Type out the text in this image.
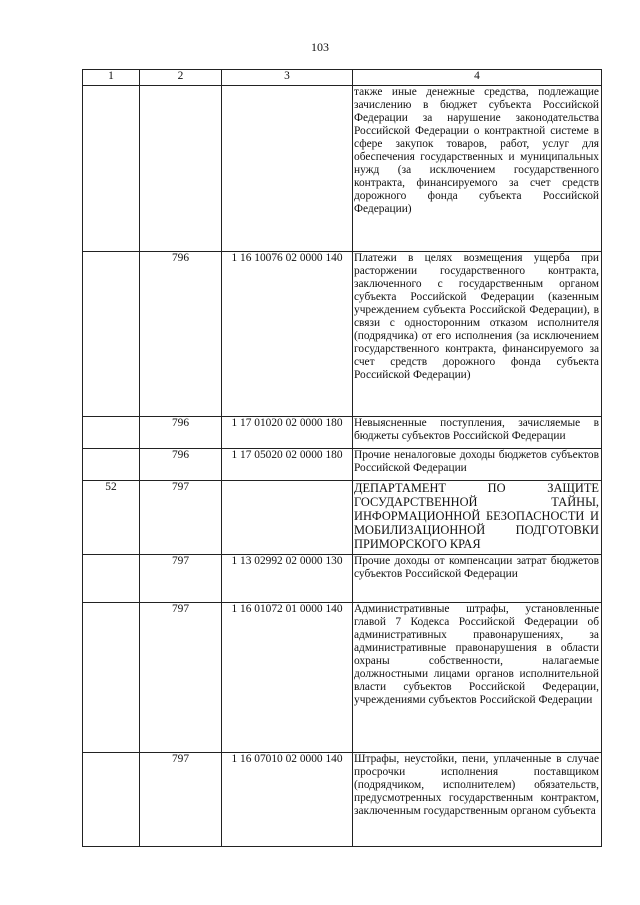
103
1	2	3	4
			также иные денежные средства, подлежащие зачислению в бюджет субъекта Российской Федерации за нарушение законодательства Российской Федерации о контрактной системе в сфере закупок товаров, работ, услуг для обеспечения государственных и муниципальных нужд (за исключением государственного контракта, финансируемого за счет средств дорожного фонда субъекта Российской Федерации)
	796	1 16 10076 02 0000 140	Платежи в целях возмещения ущерба при расторжении государственного контракта, заключенного с государственным органом субъекта Российской Федерации (казенным учреждением субъекта Российской Федерации), в связи с односторонним отказом исполнителя (подрядчика) от его исполнения (за исключением государственного контракта, финансируемого за счет средств дорожного фонда субъекта Российской Федерации)
	796	1 17 01020 02 0000 180	Невыясненные поступления, зачисляемые в бюджеты субъектов Российской Федерации
	796	1 17 05020 02 0000 180	Прочие неналоговые доходы бюджетов субъектов Российской Федерации
52	797		ДЕПАРТАМЕНТ ПО ЗАЩИТЕ ГОСУДАРСТВЕННОЙ ТАЙНЫ, ИНФОРМАЦИОННОЙ БЕЗОПАСНОСТИ И МОБИЛИЗАЦИОННОЙ ПОДГОТОВКИ ПРИМОРСКОГО КРАЯ
	797	1 13 02992 02 0000 130	Прочие доходы от компенсации затрат бюджетов субъектов Российской Федерации
	797	1 16 01072 01 0000 140	Административные штрафы, установленные главой 7 Кодекса Российской Федерации об административных правонарушениях, за административные правонарушения в области охраны собственности, налагаемые должностными лицами органов исполнительной власти субъектов Российской Федерации, учреждениями субъектов Российской Федерации
	797	1 16 07010 02 0000 140	Штрафы, неустойки, пени, уплаченные в случае просрочки исполнения поставщиком (подрядчиком, исполнителем) обязательств, предусмотренных государственным контрактом, заключенным государственным органом субъекта
